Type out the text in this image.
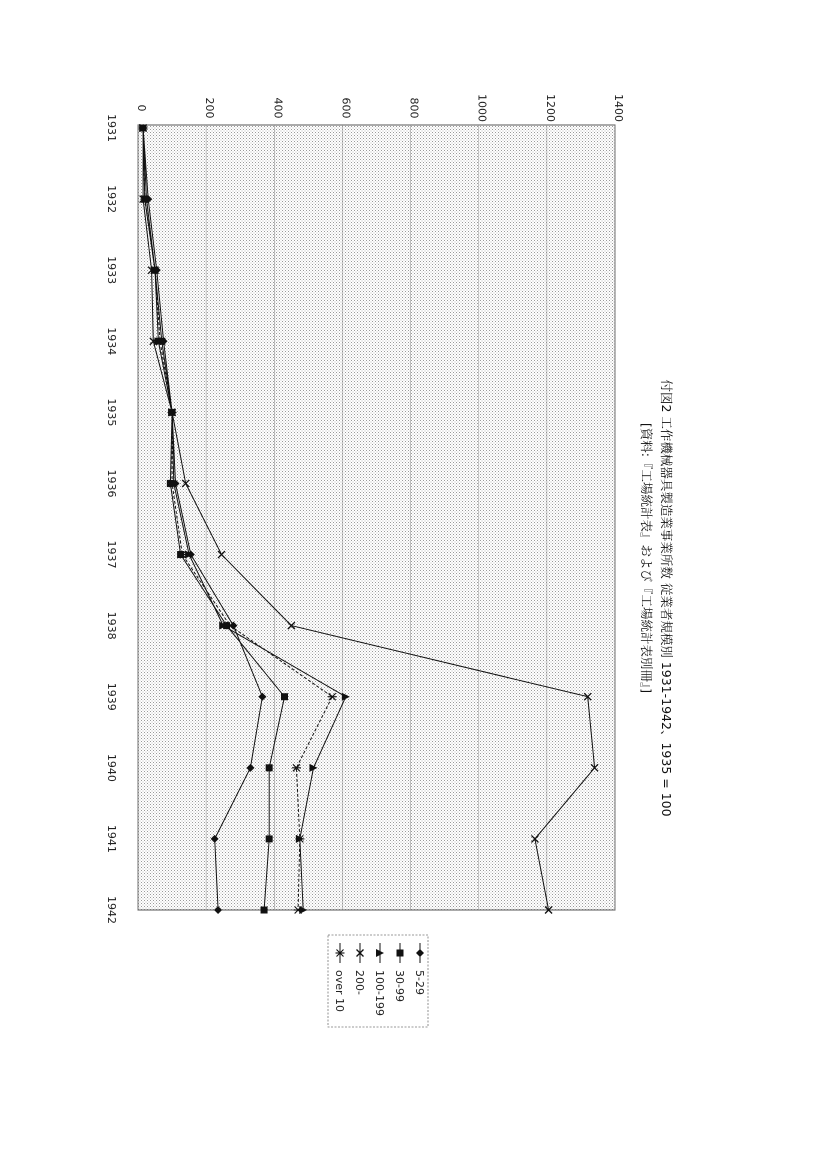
付図2 工作機械器具製造業事業所数 従業者規模別 1931-1942、1935 = 100
[資料:『工場統計表』および『工場統計表別冊』]
0	200	400	600	800	1000	1200	1400
1931
1932
1933
1934
1935
1936
1937
1938
1939
1940
1941
1942
5-29
30-99
100-199
200-
over 10
